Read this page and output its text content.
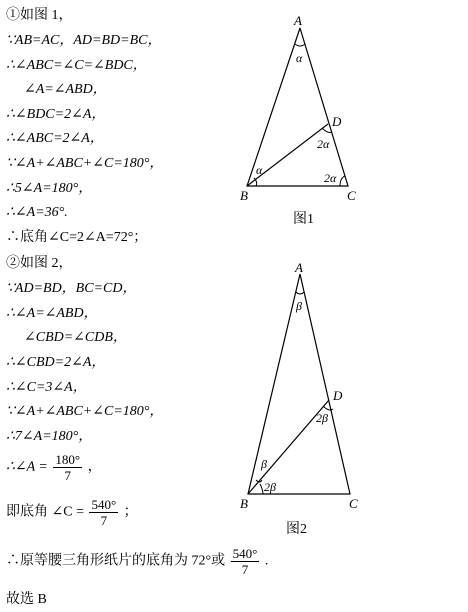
①如图 1，
∵AB=AC，AD=BD=BC，
∴∠ABC=∠C=∠BDC，
∠A=∠ABD，
∴∠BDC=2∠A，
∴∠ABC=2∠A，
∵∠A+∠ABC+∠C=180°，
∴5∠A=180°，
∴∠A=36°.
∴底角∠C=2∠A=72°；
②如图 2，
∵AD=BD，BC=CD，
∴∠A=∠ABD，
∠CBD=∠CDB，
∴∠CBD=2∠A，
∴∠C=3∠A，
∵∠A+∠ABC+∠C=180°，
∴7∠A=180°，
∴∠A = $\frac{180^\circ}{7}$ ，
即底角 ∠C = $\frac{540^\circ}{7}$ ；
∴原等腰三角形纸片的底角为 72°或 $\frac{540^\circ}{7}$ .
故选 B
A
B	C
D
α
α
2α
2α
图1
A
B	C
D
β
β
2β
2β
图2
